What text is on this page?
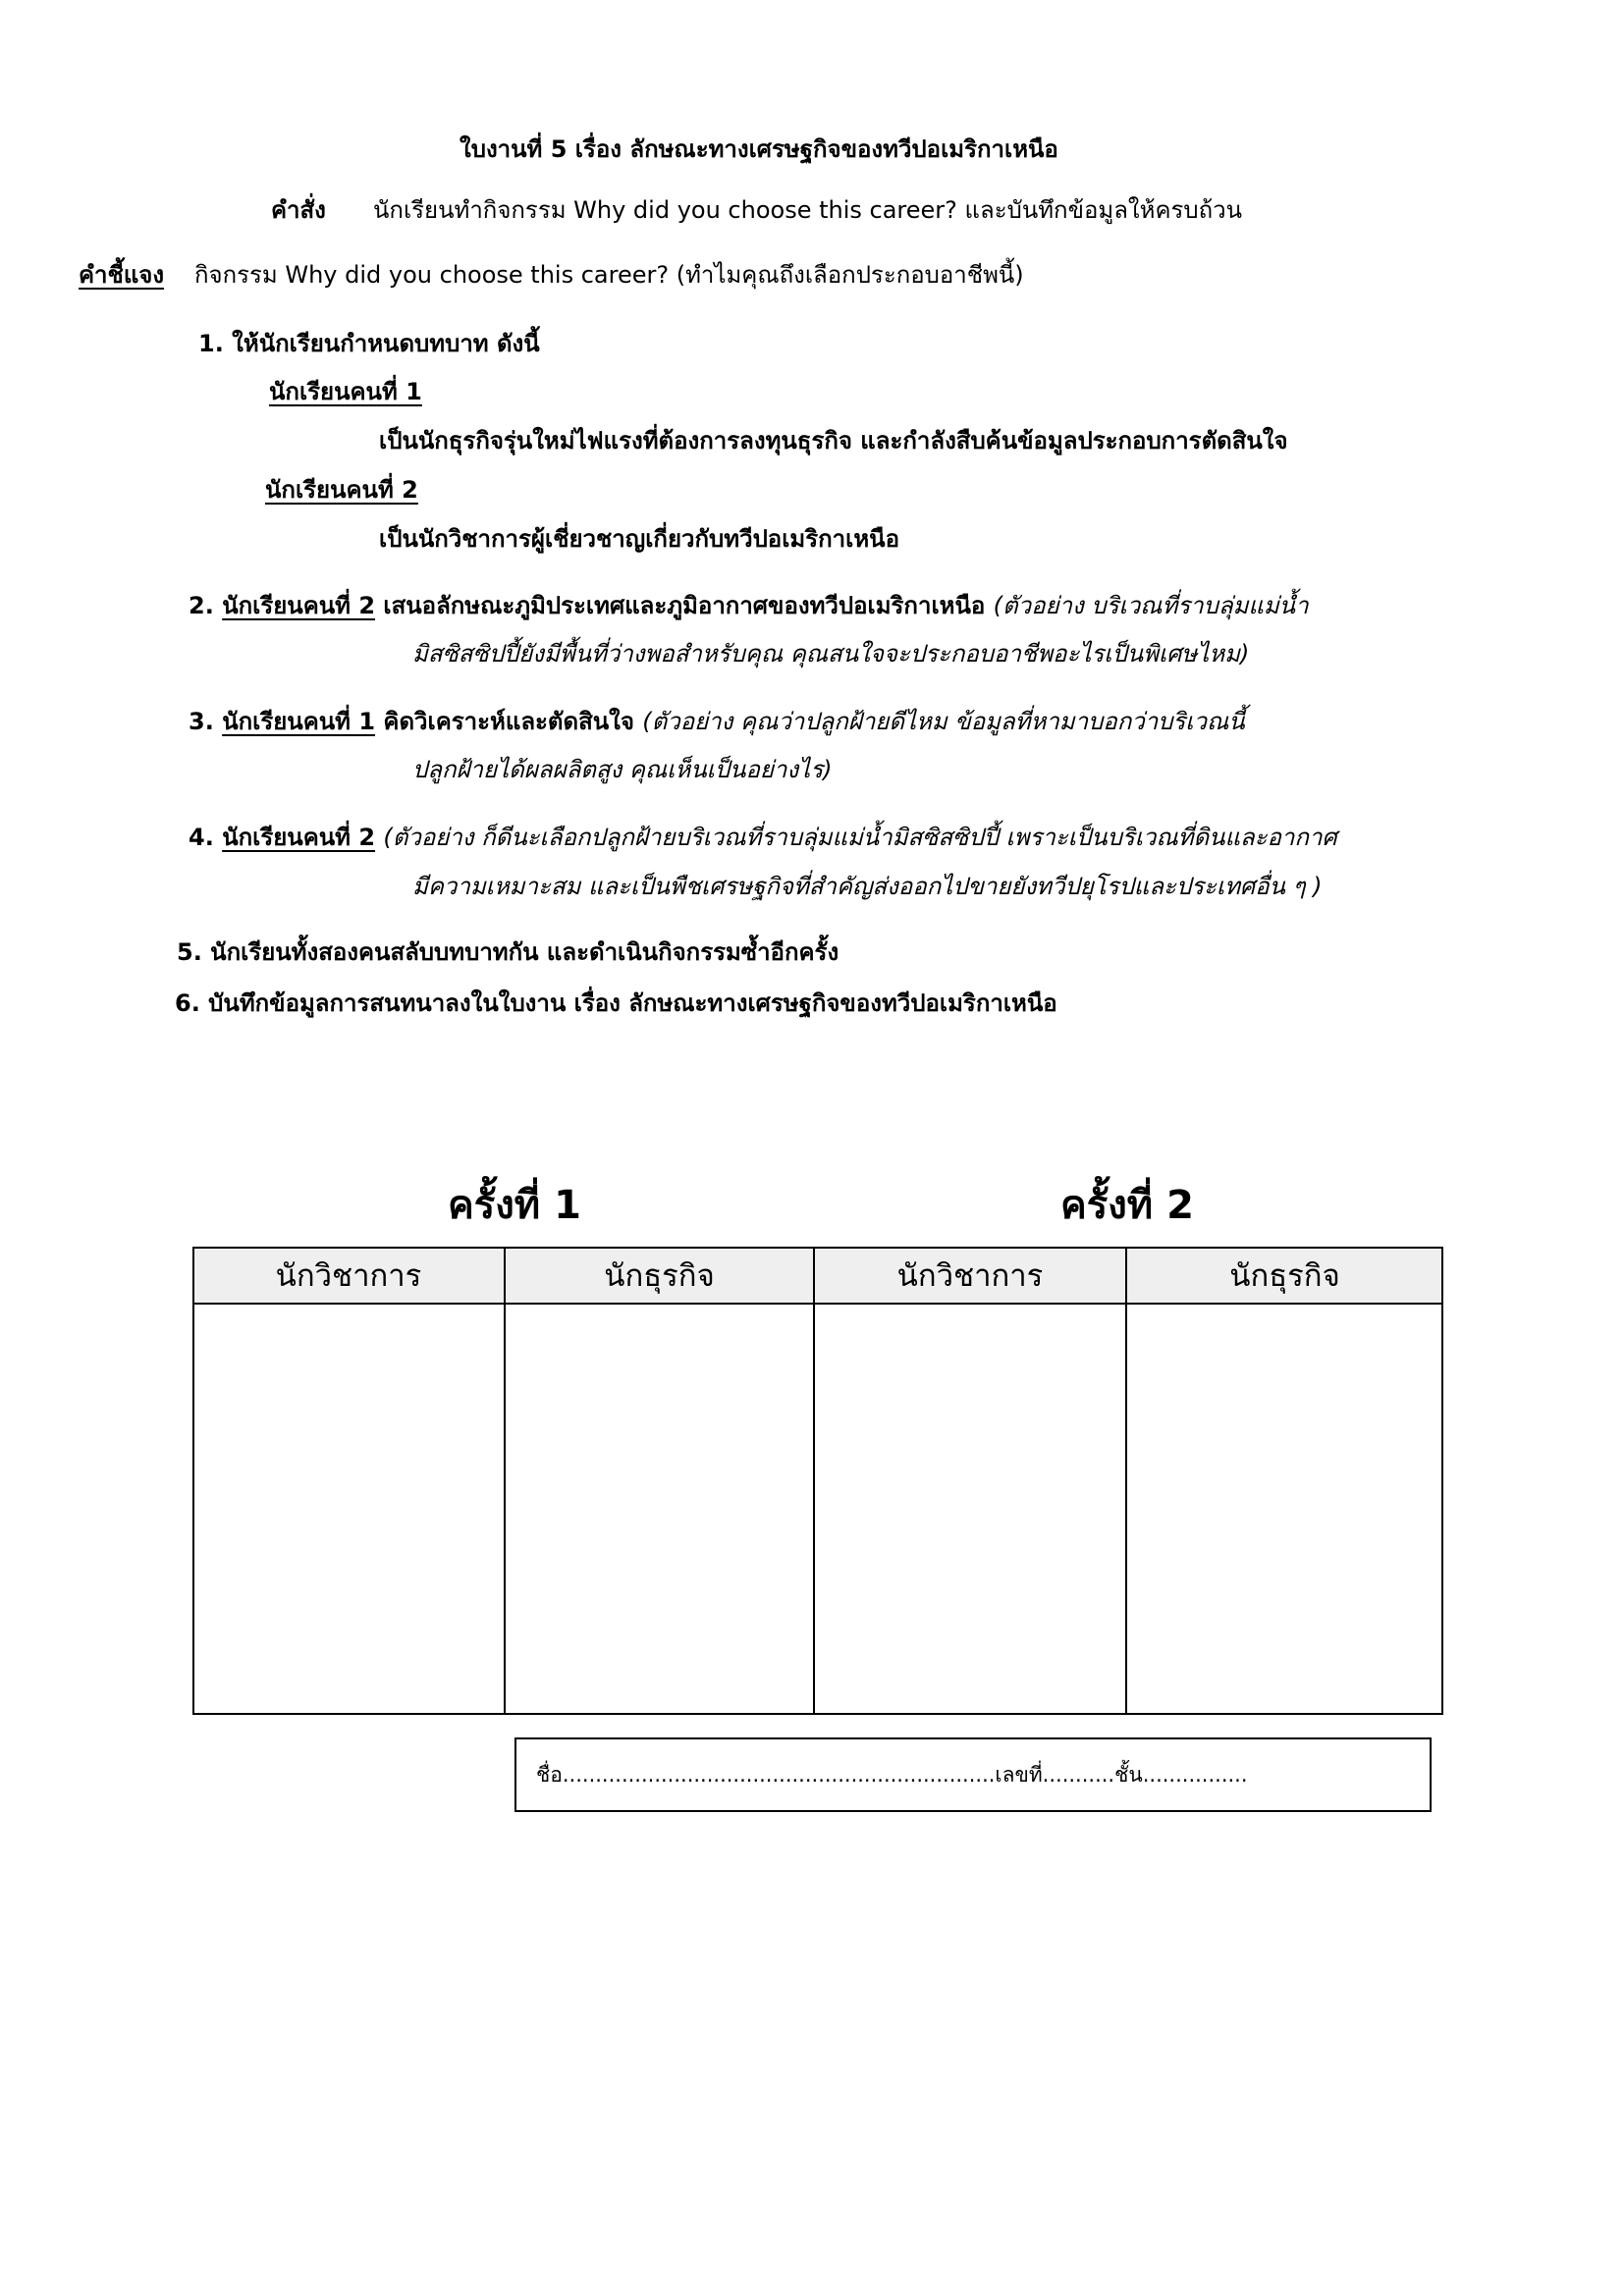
ใบงานที่ 5 เรื่อง ลักษณะทางเศรษฐกิจของทวีปอเมริกาเหนือ
คำสั่ง นักเรียนทำกิจกรรม Why did you choose this career? และบันทึกข้อมูลให้ครบถ้วน
คำชี้แจง กิจกรรม Why did you choose this career? (ทำไมคุณถึงเลือกประกอบอาชีพนี้)
1. ให้นักเรียนกำหนดบทบาท ดังนี้
นักเรียนคนที่ 1
เป็นนักธุรกิจรุ่นใหม่ไฟแรงที่ต้องการลงทุนธุรกิจ และกำลังสืบค้นข้อมูลประกอบการตัดสินใจ
นักเรียนคนที่ 2
เป็นนักวิชาการผู้เชี่ยวชาญเกี่ยวกับทวีปอเมริกาเหนือ
2. นักเรียนคนที่ 2 เสนอลักษณะภูมิประเทศและภูมิอากาศของทวีปอเมริกาเหนือ (ตัวอย่าง บริเวณที่ราบลุ่มแม่น้ำ
มิสซิสซิปปี้ยังมีพื้นที่ว่างพอสำหรับคุณ คุณสนใจจะประกอบอาชีพอะไรเป็นพิเศษไหม)
3. นักเรียนคนที่ 1 คิดวิเคราะห์และตัดสินใจ (ตัวอย่าง คุณว่าปลูกฝ้ายดีไหม ข้อมูลที่หามาบอกว่าบริเวณนี้
ปลูกฝ้ายได้ผลผลิตสูง คุณเห็นเป็นอย่างไร)
4. นักเรียนคนที่ 2 (ตัวอย่าง ก็ดีนะเลือกปลูกฝ้ายบริเวณที่ราบลุ่มแม่น้ำมิสซิสซิปปี้ เพราะเป็นบริเวณที่ดินและอากาศ
มีความเหมาะสม และเป็นพืชเศรษฐกิจที่สำคัญส่งออกไปขายยังทวีปยุโรปและประเทศอื่น ๆ )
5. นักเรียนทั้งสองคนสลับบทบาทกัน และดำเนินกิจกรรมซ้ำอีกครั้ง
6. บันทึกข้อมูลการสนทนาลงในใบงาน เรื่อง ลักษณะทางเศรษฐกิจของทวีปอเมริกาเหนือ
ครั้งที่ 1	ครั้งที่ 2
นักวิชาการ	นักธุรกิจ	นักวิชาการ	นักธุรกิจ
ชื่อ..................................................................เลขที่...........ชั้น................
